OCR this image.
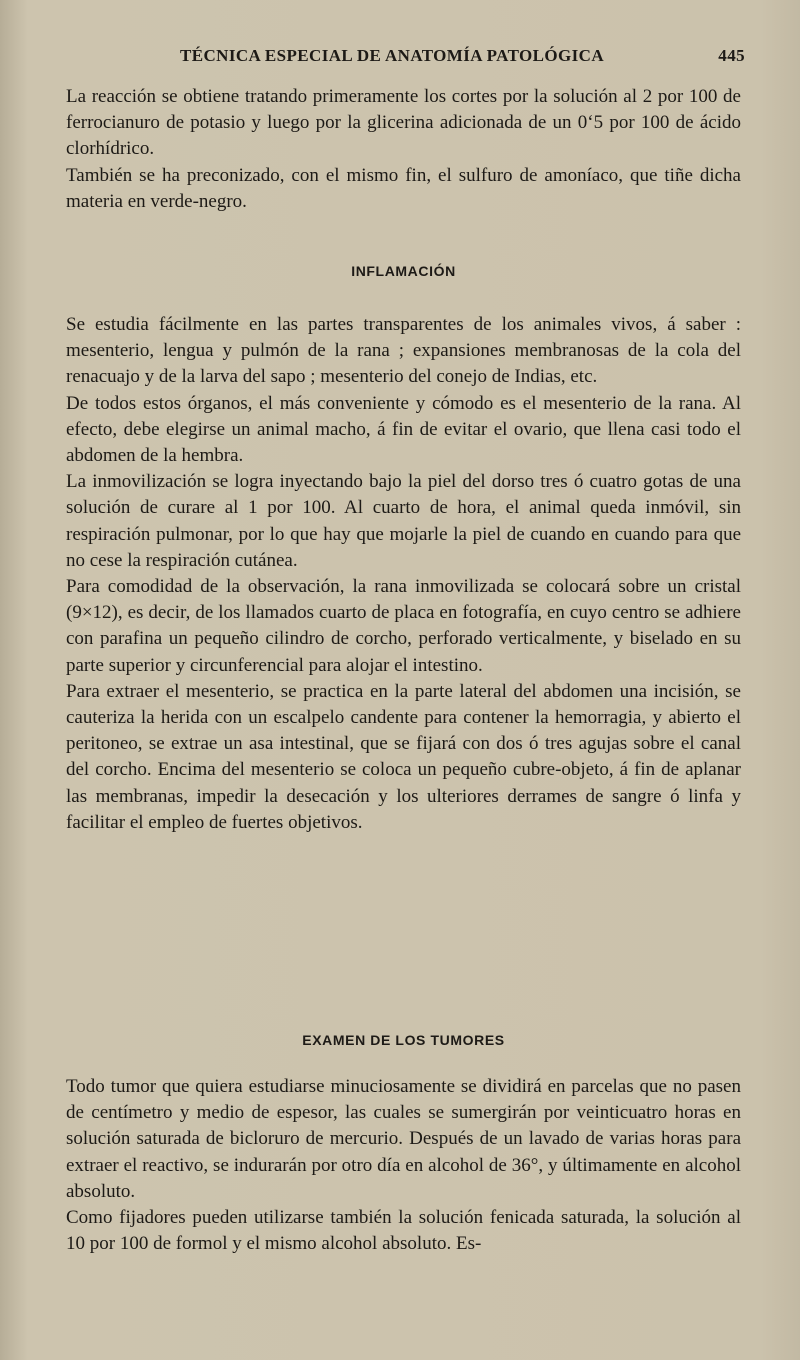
TÉCNICA ESPECIAL DE ANATOMÍA PATOLÓGICA	445

La reacción se obtiene tratando primeramente los cortes por la solución al 2 por 100 de ferrocianuro de potasio y luego por la glicerina adicionada de un 0‘5 por 100 de ácido clorhídrico.

También se ha preconizado, con el mismo fin, el sulfuro de amoníaco, que tiñe dicha materia en verde-negro.

INFLAMACIÓN

Se estudia fácilmente en las partes transparentes de los animales vivos, á saber : mesenterio, lengua y pulmón de la rana ; expansiones membranosas de la cola del renacuajo y de la larva del sapo ; mesenterio del conejo de Indias, etc.

De todos estos órganos, el más conveniente y cómodo es el mesenterio de la rana. Al efecto, debe elegirse un animal macho, á fin de evitar el ovario, que llena casi todo el abdomen de la hembra.

La inmovilización se logra inyectando bajo la piel del dorso tres ó cuatro gotas de una solución de curare al 1 por 100. Al cuarto de hora, el animal queda inmóvil, sin respiración pulmonar, por lo que hay que mojarle la piel de cuando en cuando para que no cese la respiración cutánea.

Para comodidad de la observación, la rana inmovilizada se colocará sobre un cristal (9×12), es decir, de los llamados cuarto de placa en fotografía, en cuyo centro se adhiere con parafina un pequeño cilindro de corcho, perforado verticalmente, y biselado en su parte superior y circunferencial para alojar el intestino.

Para extraer el mesenterio, se practica en la parte lateral del abdomen una incisión, se cauteriza la herida con un escalpelo candente para contener la hemorragia, y abierto el peritoneo, se extrae un asa intestinal, que se fijará con dos ó tres agujas sobre el canal del corcho. Encima del mesenterio se coloca un pequeño cubre-objeto, á fin de aplanar las membranas, impedir la desecación y los ulteriores derrames de sangre ó linfa y facilitar el empleo de fuertes objetivos.

EXAMEN DE LOS TUMORES

Todo tumor que quiera estudiarse minuciosamente se dividirá en parcelas que no pasen de centímetro y medio de espesor, las cuales se sumergirán por veinticuatro horas en solución saturada de bicloruro de mercurio. Después de un lavado de varias horas para extraer el reactivo, se indurarán por otro día en alcohol de 36°, y últimamente en alcohol absoluto.

Como fijadores pueden utilizarse también la solución fenicada saturada, la solución al 10 por 100 de formol y el mismo alcohol absoluto. Es-
